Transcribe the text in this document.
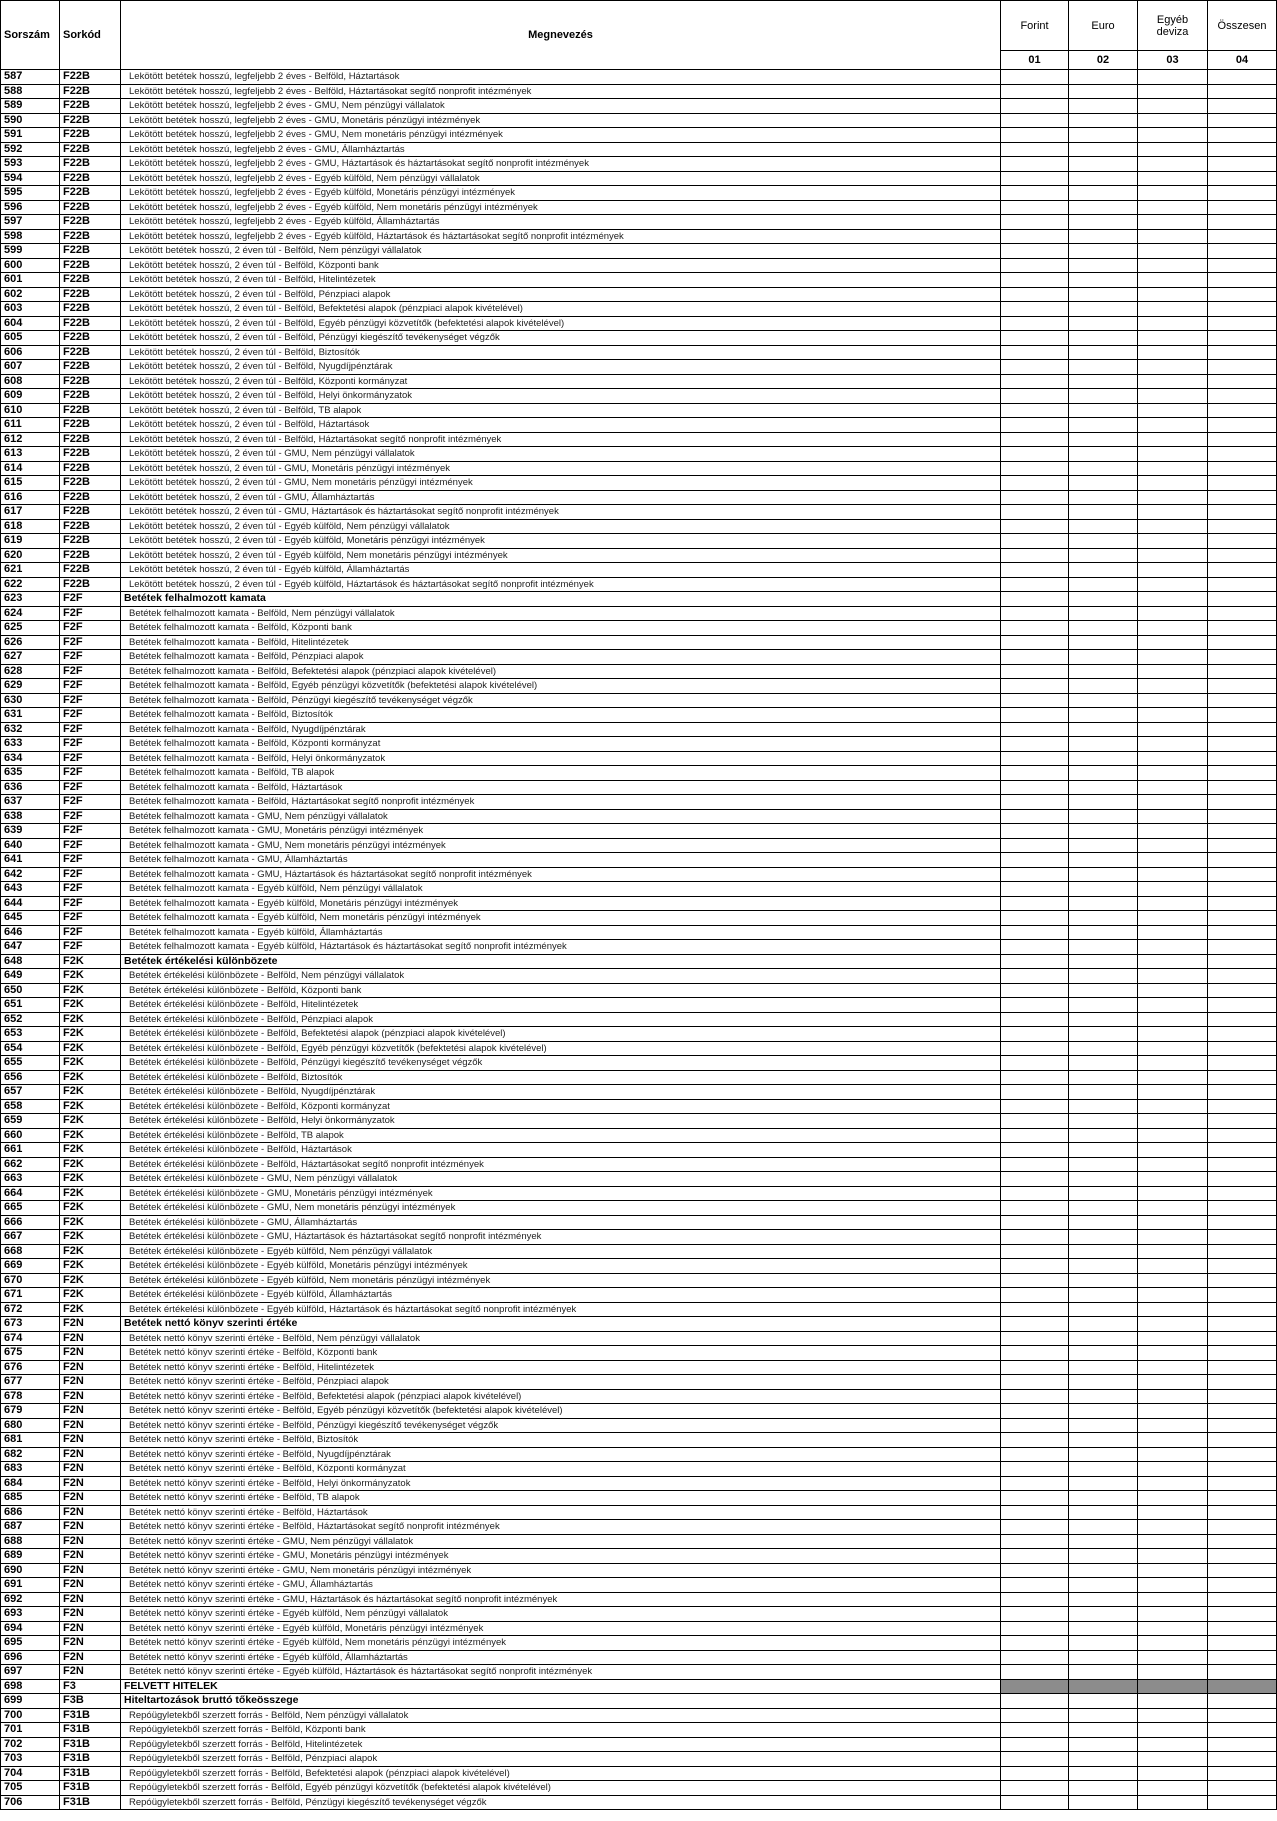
Sorszám	Sorkód	Megnevezés	Forint	Euro	Egyéb deviza	Összesen
			01	02	03	04
587	F22B	Lekötött betétek hosszú, legfeljebb 2 éves - Belföld, Háztartások				
588	F22B	Lekötött betétek hosszú, legfeljebb 2 éves - Belföld, Háztartásokat segítő nonprofit intézmények				
589	F22B	Lekötött betétek hosszú, legfeljebb 2 éves - GMU, Nem pénzügyi vállalatok				
590	F22B	Lekötött betétek hosszú, legfeljebb 2 éves - GMU, Monetáris pénzügyi intézmények				
591	F22B	Lekötött betétek hosszú, legfeljebb 2 éves - GMU, Nem monetáris pénzügyi intézmények				
592	F22B	Lekötött betétek hosszú, legfeljebb 2 éves - GMU, Államháztartás				
593	F22B	Lekötött betétek hosszú, legfeljebb 2 éves - GMU, Háztartások és háztartásokat segítő nonprofit intézmények				
594	F22B	Lekötött betétek hosszú, legfeljebb 2 éves - Egyéb külföld, Nem pénzügyi vállalatok				
595	F22B	Lekötött betétek hosszú, legfeljebb 2 éves - Egyéb külföld, Monetáris pénzügyi intézmények				
596	F22B	Lekötött betétek hosszú, legfeljebb 2 éves - Egyéb külföld, Nem monetáris pénzügyi intézmények				
597	F22B	Lekötött betétek hosszú, legfeljebb 2 éves - Egyéb külföld, Államháztartás				
598	F22B	Lekötött betétek hosszú, legfeljebb 2 éves - Egyéb külföld, Háztartások és háztartásokat segítő nonprofit intézmények				
599	F22B	Lekötött betétek hosszú, 2 éven túl - Belföld, Nem pénzügyi vállalatok				
600	F22B	Lekötött betétek hosszú, 2 éven túl - Belföld, Központi bank				
601	F22B	Lekötött betétek hosszú, 2 éven túl - Belföld, Hitelintézetek				
602	F22B	Lekötött betétek hosszú, 2 éven túl - Belföld, Pénzpiaci alapok				
603	F22B	Lekötött betétek hosszú, 2 éven túl - Belföld, Befektetési alapok (pénzpiaci alapok kivételével)				
604	F22B	Lekötött betétek hosszú, 2 éven túl - Belföld, Egyéb pénzügyi közvetítők (befektetési alapok kivételével)				
605	F22B	Lekötött betétek hosszú, 2 éven túl - Belföld, Pénzügyi kiegészítő tevékenységet végzők				
606	F22B	Lekötött betétek hosszú, 2 éven túl - Belföld, Biztosítók				
607	F22B	Lekötött betétek hosszú, 2 éven túl - Belföld, Nyugdíjpénztárak				
608	F22B	Lekötött betétek hosszú, 2 éven túl - Belföld, Központi kormányzat				
609	F22B	Lekötött betétek hosszú, 2 éven túl - Belföld, Helyi önkormányzatok				
610	F22B	Lekötött betétek hosszú, 2 éven túl - Belföld, TB alapok				
611	F22B	Lekötött betétek hosszú, 2 éven túl - Belföld, Háztartások				
612	F22B	Lekötött betétek hosszú, 2 éven túl - Belföld, Háztartásokat segítő nonprofit intézmények				
613	F22B	Lekötött betétek hosszú, 2 éven túl - GMU, Nem pénzügyi vállalatok				
614	F22B	Lekötött betétek hosszú, 2 éven túl - GMU, Monetáris pénzügyi intézmények				
615	F22B	Lekötött betétek hosszú, 2 éven túl - GMU, Nem monetáris pénzügyi intézmények				
616	F22B	Lekötött betétek hosszú, 2 éven túl - GMU, Államháztartás				
617	F22B	Lekötött betétek hosszú, 2 éven túl - GMU, Háztartások és háztartásokat segítő nonprofit intézmények				
618	F22B	Lekötött betétek hosszú, 2 éven túl - Egyéb külföld, Nem pénzügyi vállalatok				
619	F22B	Lekötött betétek hosszú, 2 éven túl - Egyéb külföld, Monetáris pénzügyi intézmények				
620	F22B	Lekötött betétek hosszú, 2 éven túl - Egyéb külföld, Nem monetáris pénzügyi intézmények				
621	F22B	Lekötött betétek hosszú, 2 éven túl - Egyéb külföld, Államháztartás				
622	F22B	Lekötött betétek hosszú, 2 éven túl - Egyéb külföld, Háztartások és háztartásokat segítő nonprofit intézmények				
623	F2F	Betétek felhalmozott kamata				
624	F2F	Betétek felhalmozott kamata - Belföld, Nem pénzügyi vállalatok				
625	F2F	Betétek felhalmozott kamata - Belföld, Központi bank				
626	F2F	Betétek felhalmozott kamata - Belföld, Hitelintézetek				
627	F2F	Betétek felhalmozott kamata - Belföld, Pénzpiaci alapok				
628	F2F	Betétek felhalmozott kamata - Belföld, Befektetési alapok (pénzpiaci alapok kivételével)				
629	F2F	Betétek felhalmozott kamata - Belföld, Egyéb pénzügyi közvetítők (befektetési alapok kivételével)				
630	F2F	Betétek felhalmozott kamata - Belföld, Pénzügyi kiegészítő tevékenységet végzők				
631	F2F	Betétek felhalmozott kamata - Belföld, Biztosítók				
632	F2F	Betétek felhalmozott kamata - Belföld, Nyugdíjpénztárak				
633	F2F	Betétek felhalmozott kamata - Belföld, Központi kormányzat				
634	F2F	Betétek felhalmozott kamata - Belföld, Helyi önkormányzatok				
635	F2F	Betétek felhalmozott kamata - Belföld, TB alapok				
636	F2F	Betétek felhalmozott kamata - Belföld, Háztartások				
637	F2F	Betétek felhalmozott kamata - Belföld, Háztartásokat segítő nonprofit intézmények				
638	F2F	Betétek felhalmozott kamata - GMU, Nem pénzügyi vállalatok				
639	F2F	Betétek felhalmozott kamata - GMU, Monetáris pénzügyi intézmények				
640	F2F	Betétek felhalmozott kamata - GMU, Nem monetáris pénzügyi intézmények				
641	F2F	Betétek felhalmozott kamata - GMU, Államháztartás				
642	F2F	Betétek felhalmozott kamata - GMU, Háztartások és háztartásokat segítő nonprofit intézmények				
643	F2F	Betétek felhalmozott kamata - Egyéb külföld, Nem pénzügyi vállalatok				
644	F2F	Betétek felhalmozott kamata - Egyéb külföld, Monetáris pénzügyi intézmények				
645	F2F	Betétek felhalmozott kamata - Egyéb külföld, Nem monetáris pénzügyi intézmények				
646	F2F	Betétek felhalmozott kamata - Egyéb külföld, Államháztartás				
647	F2F	Betétek felhalmozott kamata - Egyéb külföld, Háztartások és háztartásokat segítő nonprofit intézmények				
648	F2K	Betétek értékelési különbözete				
649	F2K	Betétek értékelési különbözete - Belföld, Nem pénzügyi vállalatok				
650	F2K	Betétek értékelési különbözete - Belföld, Központi bank				
651	F2K	Betétek értékelési különbözete - Belföld, Hitelintézetek				
652	F2K	Betétek értékelési különbözete - Belföld, Pénzpiaci alapok				
653	F2K	Betétek értékelési különbözete - Belföld, Befektetési alapok (pénzpiaci alapok kivételével)				
654	F2K	Betétek értékelési különbözete - Belföld, Egyéb pénzügyi közvetítők (befektetési alapok kivételével)				
655	F2K	Betétek értékelési különbözete - Belföld, Pénzügyi kiegészítő tevékenységet végzők				
656	F2K	Betétek értékelési különbözete - Belföld, Biztosítók				
657	F2K	Betétek értékelési különbözete - Belföld, Nyugdíjpénztárak				
658	F2K	Betétek értékelési különbözete - Belföld, Központi kormányzat				
659	F2K	Betétek értékelési különbözete - Belföld, Helyi önkormányzatok				
660	F2K	Betétek értékelési különbözete - Belföld, TB alapok				
661	F2K	Betétek értékelési különbözete - Belföld, Háztartások				
662	F2K	Betétek értékelési különbözete - Belföld, Háztartásokat segítő nonprofit intézmények				
663	F2K	Betétek értékelési különbözete - GMU, Nem pénzügyi vállalatok				
664	F2K	Betétek értékelési különbözete - GMU, Monetáris pénzügyi intézmények				
665	F2K	Betétek értékelési különbözete - GMU, Nem monetáris pénzügyi intézmények				
666	F2K	Betétek értékelési különbözete - GMU, Államháztartás				
667	F2K	Betétek értékelési különbözete - GMU, Háztartások és háztartásokat segítő nonprofit intézmények				
668	F2K	Betétek értékelési különbözete - Egyéb külföld, Nem pénzügyi vállalatok				
669	F2K	Betétek értékelési különbözete - Egyéb külföld, Monetáris pénzügyi intézmények				
670	F2K	Betétek értékelési különbözete - Egyéb külföld, Nem monetáris pénzügyi intézmények				
671	F2K	Betétek értékelési különbözete - Egyéb külföld, Államháztartás				
672	F2K	Betétek értékelési különbözete - Egyéb külföld, Háztartások és háztartásokat segítő nonprofit intézmények				
673	F2N	Betétek nettó könyv szerinti értéke				
674	F2N	Betétek nettó könyv szerinti értéke - Belföld, Nem pénzügyi vállalatok				
675	F2N	Betétek nettó könyv szerinti értéke - Belföld, Központi bank				
676	F2N	Betétek nettó könyv szerinti értéke - Belföld, Hitelintézetek				
677	F2N	Betétek nettó könyv szerinti értéke - Belföld, Pénzpiaci alapok				
678	F2N	Betétek nettó könyv szerinti értéke - Belföld, Befektetési alapok (pénzpiaci alapok kivételével)				
679	F2N	Betétek nettó könyv szerinti értéke - Belföld, Egyéb pénzügyi közvetítők (befektetési alapok kivételével)				
680	F2N	Betétek nettó könyv szerinti értéke - Belföld, Pénzügyi kiegészítő tevékenységet végzők				
681	F2N	Betétek nettó könyv szerinti értéke - Belföld, Biztosítók				
682	F2N	Betétek nettó könyv szerinti értéke - Belföld, Nyugdíjpénztárak				
683	F2N	Betétek nettó könyv szerinti értéke - Belföld, Központi kormányzat				
684	F2N	Betétek nettó könyv szerinti értéke - Belföld, Helyi önkormányzatok				
685	F2N	Betétek nettó könyv szerinti értéke - Belföld, TB alapok				
686	F2N	Betétek nettó könyv szerinti értéke - Belföld, Háztartások				
687	F2N	Betétek nettó könyv szerinti értéke - Belföld, Háztartásokat segítő nonprofit intézmények				
688	F2N	Betétek nettó könyv szerinti értéke - GMU, Nem pénzügyi vállalatok				
689	F2N	Betétek nettó könyv szerinti értéke - GMU, Monetáris pénzügyi intézmények				
690	F2N	Betétek nettó könyv szerinti értéke - GMU, Nem monetáris pénzügyi intézmények				
691	F2N	Betétek nettó könyv szerinti értéke - GMU, Államháztartás				
692	F2N	Betétek nettó könyv szerinti értéke - GMU, Háztartások és háztartásokat segítő nonprofit intézmények				
693	F2N	Betétek nettó könyv szerinti értéke - Egyéb külföld, Nem pénzügyi vállalatok				
694	F2N	Betétek nettó könyv szerinti értéke - Egyéb külföld, Monetáris pénzügyi intézmények				
695	F2N	Betétek nettó könyv szerinti értéke - Egyéb külföld, Nem monetáris pénzügyi intézmények				
696	F2N	Betétek nettó könyv szerinti értéke - Egyéb külföld, Államháztartás				
697	F2N	Betétek nettó könyv szerinti értéke - Egyéb külföld, Háztartások és háztartásokat segítő nonprofit intézmények				
698	F3	FELVETT HITELEK				
699	F3B	Hiteltartozások bruttó tőkeösszege				
700	F31B	Repóügyletekből szerzett forrás - Belföld, Nem pénzügyi vállalatok				
701	F31B	Repóügyletekből szerzett forrás - Belföld, Központi bank				
702	F31B	Repóügyletekből szerzett forrás - Belföld, Hitelintézetek				
703	F31B	Repóügyletekből szerzett forrás - Belföld, Pénzpiaci alapok				
704	F31B	Repóügyletekből szerzett forrás - Belföld, Befektetési alapok (pénzpiaci alapok kivételével)				
705	F31B	Repóügyletekből szerzett forrás - Belföld, Egyéb pénzügyi közvetítők (befektetési alapok kivételével)				
706	F31B	Repóügyletekből szerzett forrás - Belföld, Pénzügyi kiegészítő tevékenységet végzők				
